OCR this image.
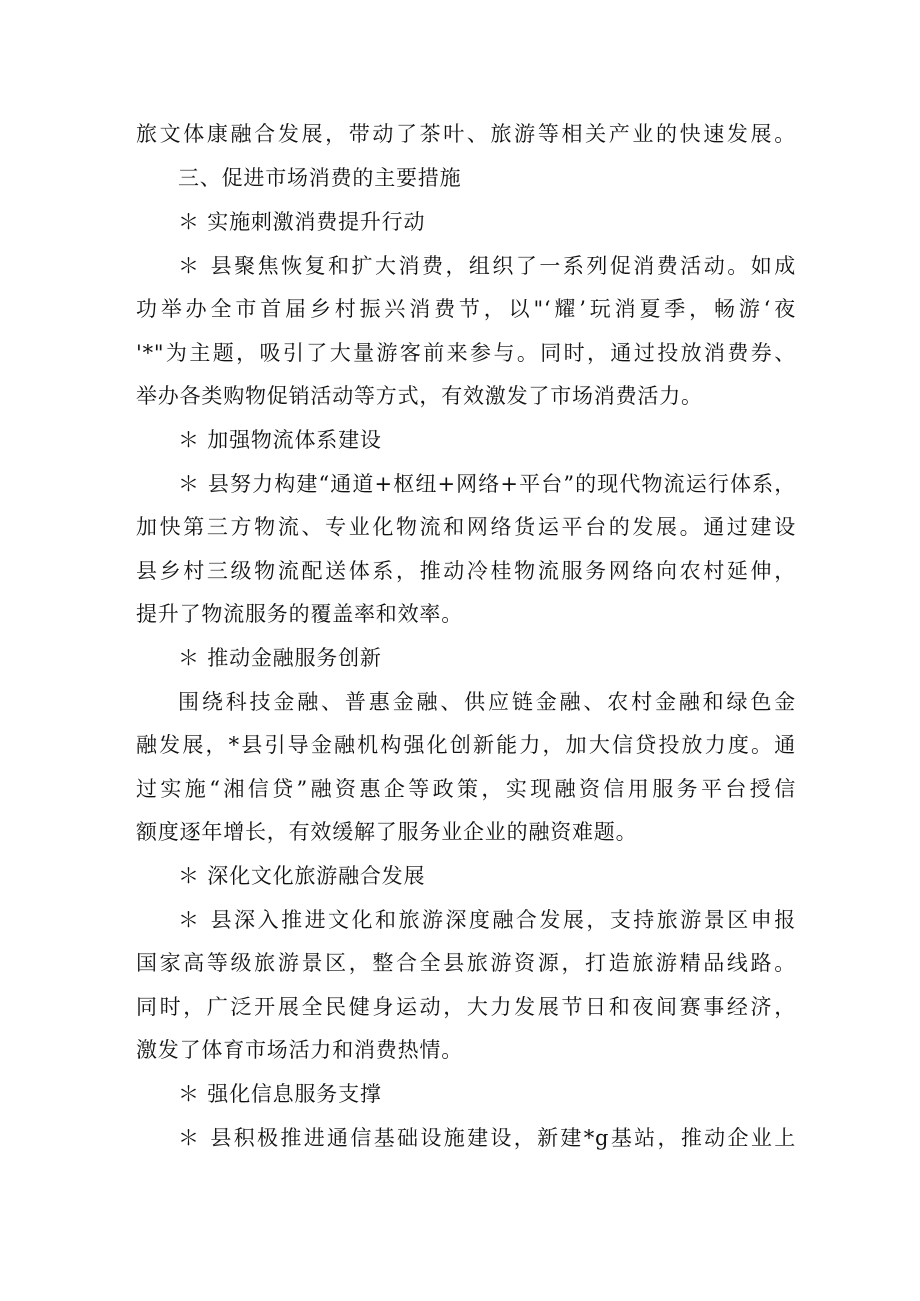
旅文体康融合发展，带动了茶叶、旅游等相关产业的快速发展。
三、促进市场消费的主要措施
＊ 实施刺激消费提升行动
＊ 县聚焦恢复和扩大消费，组织了一系列促消费活动。如成
功举办全市首届乡村振兴消费节，以"‘耀’玩消夏季，畅游‘夜
'*"为主题，吸引了大量游客前来参与。同时，通过投放消费券、
举办各类购物促销活动等方式，有效激发了市场消费活力。
＊ 加强物流体系建设
＊ 县努力构建“通道+枢纽+网络+平台”的现代物流运行体系，
加快第三方物流、专业化物流和网络货运平台的发展。通过建设
县乡村三级物流配送体系，推动冷桂物流服务网络向农村延伸，
提升了物流服务的覆盖率和效率。
＊ 推动金融服务创新
围绕科技金融、普惠金融、供应链金融、农村金融和绿色金
融发展，*县引导金融机构强化创新能力，加大信贷投放力度。通
过实施“湘信贷”融资惠企等政策，实现融资信用服务平台授信
额度逐年增长，有效缓解了服务业企业的融资难题。
＊ 深化文化旅游融合发展
＊ 县深入推进文化和旅游深度融合发展，支持旅游景区申报
国家高等级旅游景区，整合全县旅游资源，打造旅游精品线路。
同时，广泛开展全民健身运动，大力发展节日和夜间赛事经济，
激发了体育市场活力和消费热情。
＊ 强化信息服务支撑
＊ 县积极推进通信基础设施建设，新建*g基站，推动企业上
